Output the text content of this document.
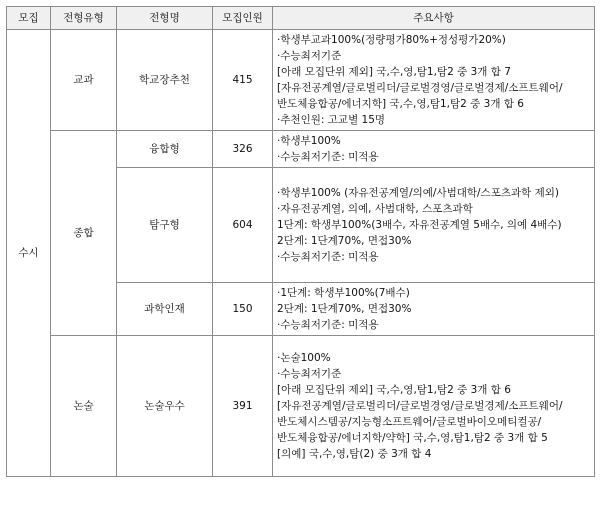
모집	전형유형	전형명	모집인원	주요사항
수시	교과	학교장추천	415	·학생부교과100%(정량평가80%+정성평가20%)
·수능최저기준
[아래 모집단위 제외] 국,수,영,탐1,탐2 중 3개 합 7
[자유전공계열/글로벌리더/글로벌경영/글로벌경제/소프트웨어/반도체융합공/에너지학] 국,수,영,탐1,탐2 중 3개 합 6
·추천인원: 고교별 15명

	종합	융합형	326	·학생부100%
·수능최저기준: 미적용

		탐구형	604	·학생부100% (자유전공계열/의예/사범대학/스포츠과학 제외)
·자유전공계열, 의예, 사범대학, 스포츠과학
1단계: 학생부100%(3배수, 자유전공계열 5배수, 의예 4배수)
2단계: 1단계70%, 면접30%
·수능최저기준: 미적용

		과학인재	150	·1단계: 학생부100%(7배수)
2단계: 1단계70%, 면접30%
·수능최저기준: 미적용

	논술	논술우수	391	·논술100%
·수능최저기준
[아래 모집단위 제외] 국,수,영,탐1,탐2 중 3개 합 6
[자유전공계열/글로벌리더/글로벌경영/글로벌경제/소프트웨어/반도체시스템공/지능형소프트웨어/글로벌바이오메티컬공/반도체융합공/에너지학/약학] 국,수,영,탐1,탐2 중 3개 합 5
[의예] 국,수,영,탐(2) 중 3개 합 4
